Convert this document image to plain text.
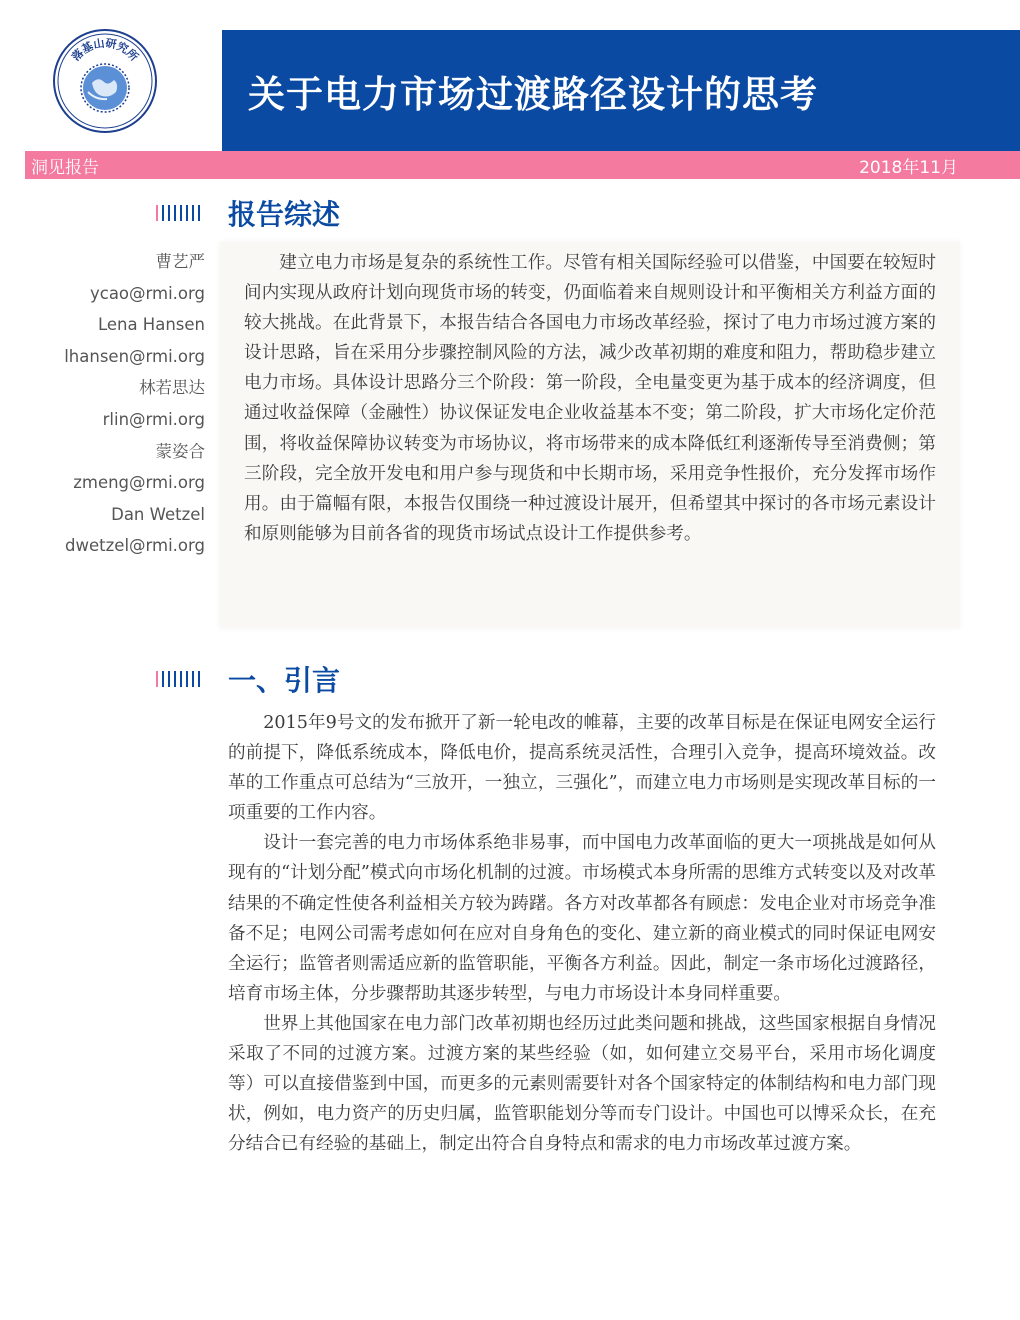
落基山研究所
关于电力市场过渡路径设计的思考
洞见报告	2018年11月
报告综述
曹艺严
ycao@rmi.org
Lena Hansen
lhansen@rmi.org
林若思达
rlin@rmi.org
蒙姿合
zmeng@rmi.org
Dan Wetzel
dwetzel@rmi.org

建立电力市场是复杂的系统性工作。尽管有相关国际经验可以借鉴，中国要在较短时间内实现从政府计划向现货市场的转变，仍面临着来自规则设计和平衡相关方利益方面的较大挑战。在此背景下，本报告结合各国电力市场改革经验，探讨了电力市场过渡方案的设计思路，旨在采用分步骤控制风险的方法，减少改革初期的难度和阻力，帮助稳步建立电力市场。具体设计思路分三个阶段：第一阶段，全电量变更为基于成本的经济调度，但通过收益保障（金融性）协议保证发电企业收益基本不变；第二阶段，扩大市场化定价范围，将收益保障协议转变为市场协议，将市场带来的成本降低红利逐渐传导至消费侧；第三阶段，完全放开发电和用户参与现货和中长期市场，采用竞争性报价，充分发挥市场作用。由于篇幅有限，本报告仅围绕一种过渡设计展开，但希望其中探讨的各市场元素设计和原则能够为目前各省的现货市场试点设计工作提供参考。

一、引言

2015年9号文的发布掀开了新一轮电改的帷幕，主要的改革目标是在保证电网安全运行的前提下，降低系统成本，降低电价，提高系统灵活性，合理引入竞争，提高环境效益。改革的工作重点可总结为“三放开，一独立，三强化”，而建立电力市场则是实现改革目标的一项重要的工作内容。

设计一套完善的电力市场体系绝非易事，而中国电力改革面临的更大一项挑战是如何从现有的“计划分配”模式向市场化机制的过渡。市场模式本身所需的思维方式转变以及对改革结果的不确定性使各利益相关方较为踌躇。各方对改革都各有顾虑：发电企业对市场竞争准备不足；电网公司需考虑如何在应对自身角色的变化、建立新的商业模式的同时保证电网安全运行；监管者则需适应新的监管职能，平衡各方利益。因此，制定一条市场化过渡路径，培育市场主体，分步骤帮助其逐步转型，与电力市场设计本身同样重要。

世界上其他国家在电力部门改革初期也经历过此类问题和挑战，这些国家根据自身情况采取了不同的过渡方案。过渡方案的某些经验（如，如何建立交易平台，采用市场化调度等）可以直接借鉴到中国，而更多的元素则需要针对各个国家特定的体制结构和电力部门现状，例如，电力资产的历史归属，监管职能划分等而专门设计。中国也可以博采众长，在充分结合已有经验的基础上，制定出符合自身特点和需求的电力市场改革过渡方案。
